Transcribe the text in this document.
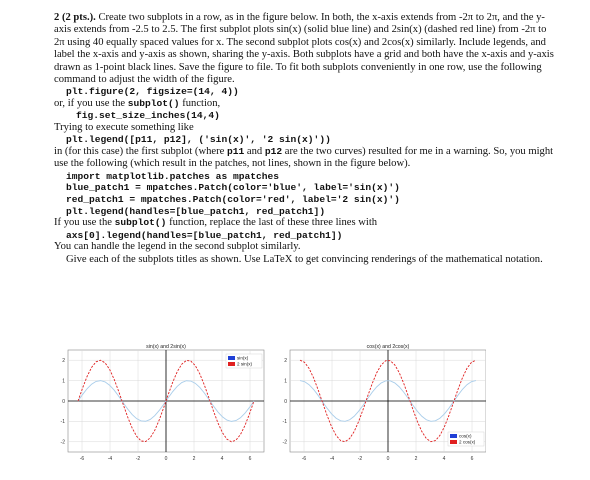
2 (2 pts.). Create two subplots in a row, as in the figure below. In both, the x-axis extends from -2π to 2π, and the y-axis extends from -2.5 to 2.5. The first subplot plots sin(x) (solid blue line) and 2sin(x) (dashed red line) from -2π to 2π using 40 equally spaced values for x. The second subplot plots cos(x) and 2cos(x) similarly. Include legends, and label the x-axis and y-axis as shown, sharing the y-axis. Both subplots have a grid and both have the x-axis and y-axis drawn as 1-point black lines. Save the figure to file. To fit both subplots conveniently in one row, use the following command to adjust the width of the figure.

plt.figure(2, figsize=(14, 4))

or, if you use the subplot() function,

fig.set_size_inches(14,4)

Trying to execute something like

plt.legend([p11, p12], ('sin(x)', '2 sin(x)'))

in (for this case) the first subplot (where p11 and p12 are the two curves) resulted for me in a warning. So, you might use the following (which result in the patches, not lines, shown in the figure below).

import matplotlib.patches as mpatches
blue_patch1 = mpatches.Patch(color='blue', label='sin(x)')
red_patch1 = mpatches.Patch(color='red', label='2 sin(x)')
plt.legend(handles=[blue_patch1, red_patch1])

If you use the subplot() function, replace the last of these three lines with

axs[0].legend(handles=[blue_patch1, red_patch1])

You can handle the legend in the second subplot similarly.

Give each of the subplots titles as shown. Use LaTeX to get convincing renderings of the mathematical notation.

-6	-4	-2	0	2	4	6
-2
-1
0
1
2
sin(x) and 2sin(x)
sin(x)
2 sin(x)
-6	-4	-2	0	2	4	6
-2
-1
0
1
2
cos(x) and 2cos(x)
cos(x)
2 cos(x)
